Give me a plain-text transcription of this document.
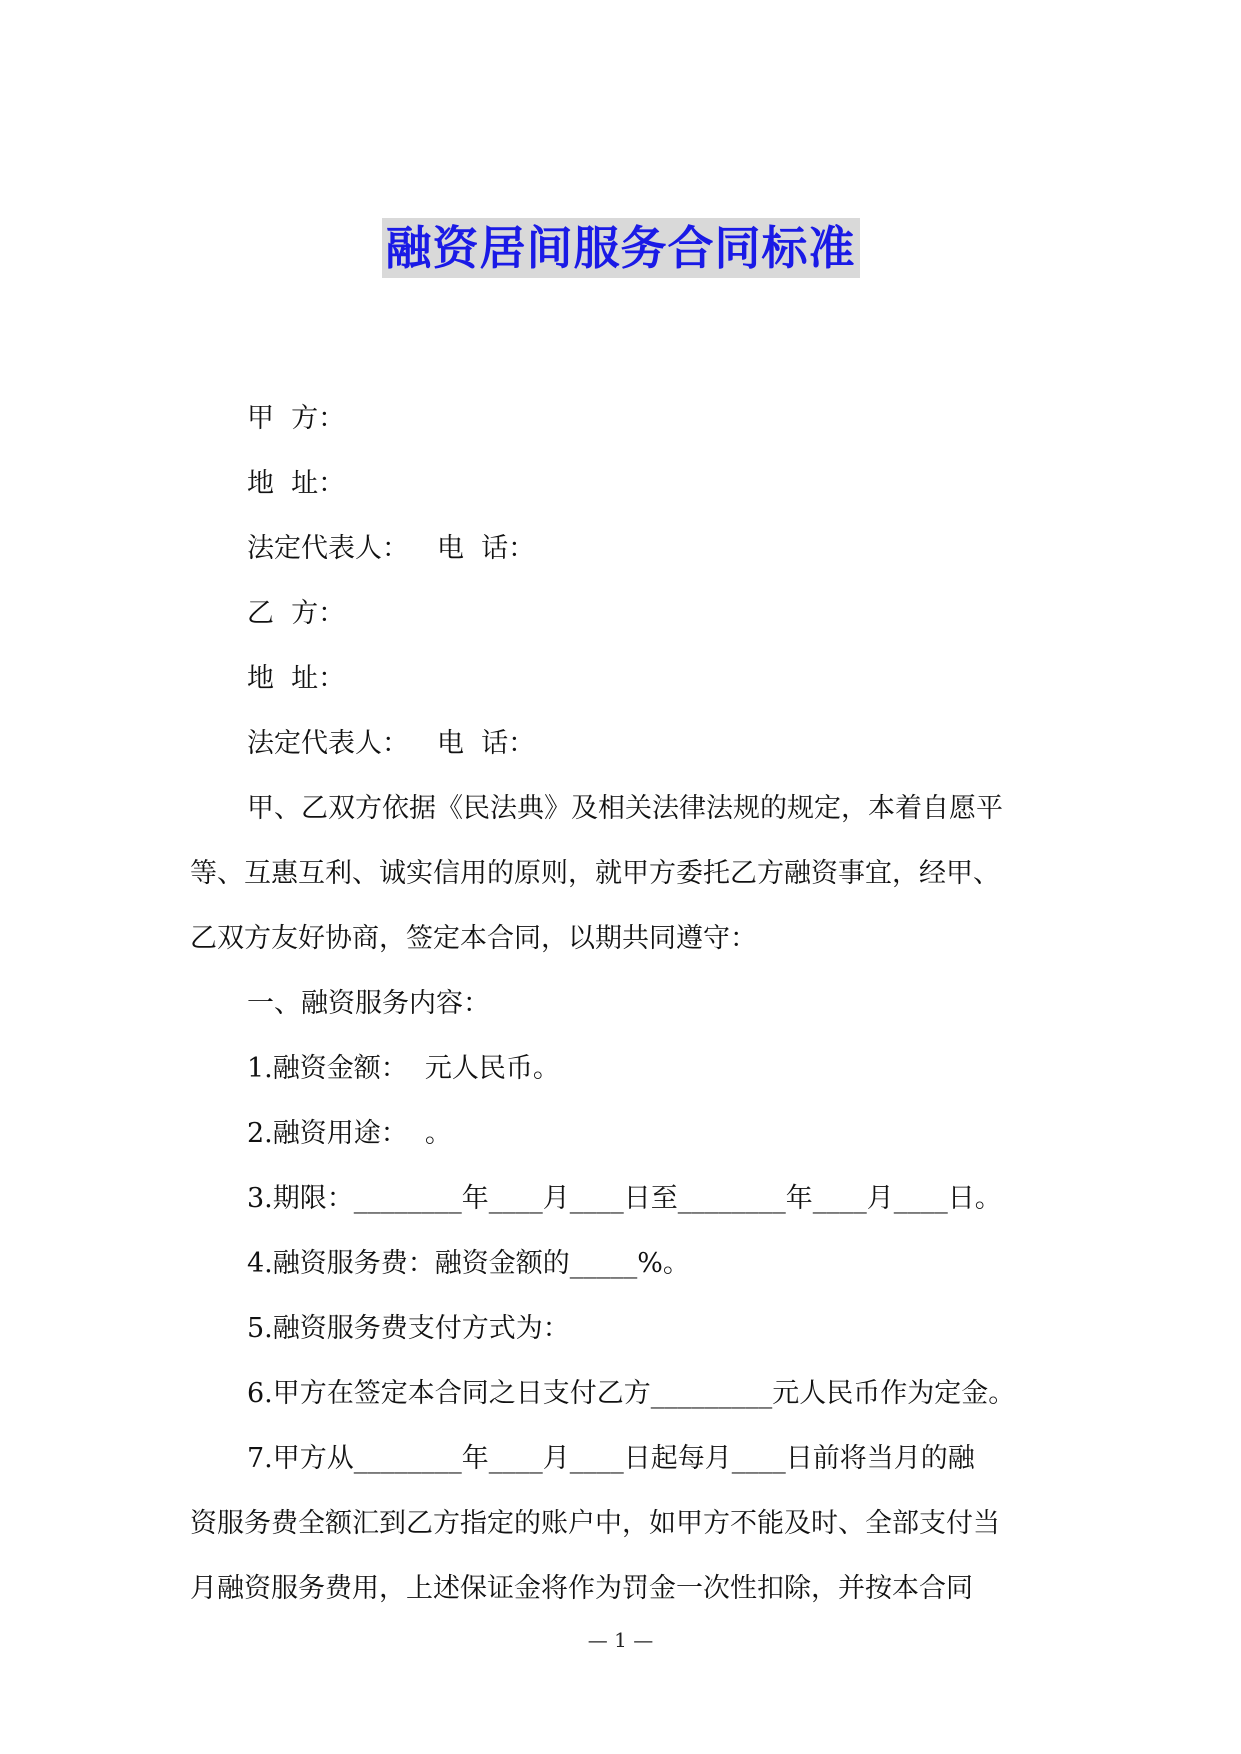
融资居间服务合同标准
甲  方：
地  址：
法定代表人： 电  话：
乙  方：
地  址：
法定代表人： 电  话：
甲、乙双方依据《民法典》及相关法律法规的规定，本着自愿平
等、互惠互利、诚实信用的原则，就甲方委托乙方融资事宜，经甲、
乙双方友好协商，签定本合同，以期共同遵守：
一、融资服务内容：
1.融资金额：  元人民币。
2.融资用途：  。
3.期限：________年____月____日至________年____月____日。
4.融资服务费：融资金额的_____%。
5.融资服务费支付方式为：
6.甲方在签定本合同之日支付乙方_________元人民币作为定金。
7.甲方从________年____月____日起每月____日前将当月的融
资服务费全额汇到乙方指定的账户中，如甲方不能及时、全部支付当
月融资服务费用，上述保证金将作为罚金一次性扣除，并按本合同
— 1 —
